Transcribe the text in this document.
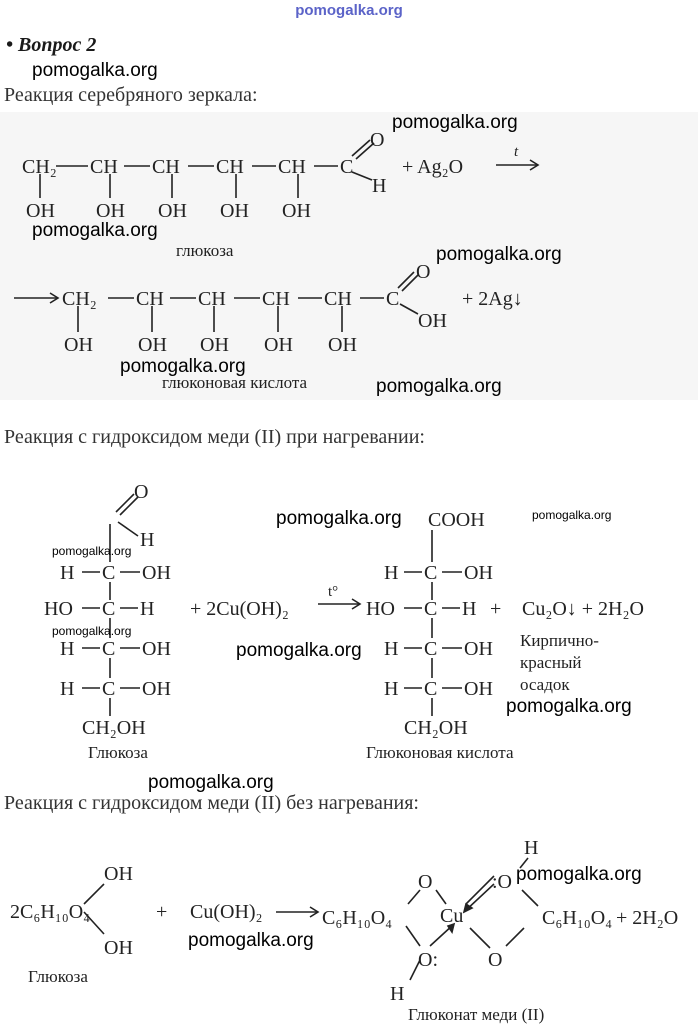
pomogalka.org
• Вопрос 2
pomogalka.org
Реакция серебряного зеркала:
pomogalka.org
pomogalka.org
pomogalka.org
pomogalka.org
pomogalka.org
CH₂ CH CH CH CH C
O
H
OH OH OH OH OH
+ Ag₂O
t
глюкоза
CH₂ CH CH CH CH C
O
OH
+ 2Ag↓
OH OH OH OH OH
глюконовая кислота
O
H
H C OH
HO C H
H C OH
H C OH
CH₂OH
Глюкоза
+ 2Cu(OH)₂
t°
COOH
H C OH
HO C H
H C OH
H C OH
CH₂OH
Глюконовая кислота
+ Cu₂O↓ + 2H₂O
Кирпично-
красный
осадок
2C₆H₁₀O₄
OH
OH
Глюкоза
+ Cu(OH)₂	C₆H₁₀O₄
O
O:
Cu
:O
H
O
H
C₆H₁₀O₄ + 2H₂O
Глюконат меди (II)
Реакция с гидроксидом меди (II) при нагревании:
pomogalka.org	pomogalka.org
pomogalka.org
pomogalka.org
pomogalka.org
pomogalka.org
pomogalka.org
Реакция с гидроксидом меди (II) без нагревания:
pomogalka.org
pomogalka.org
